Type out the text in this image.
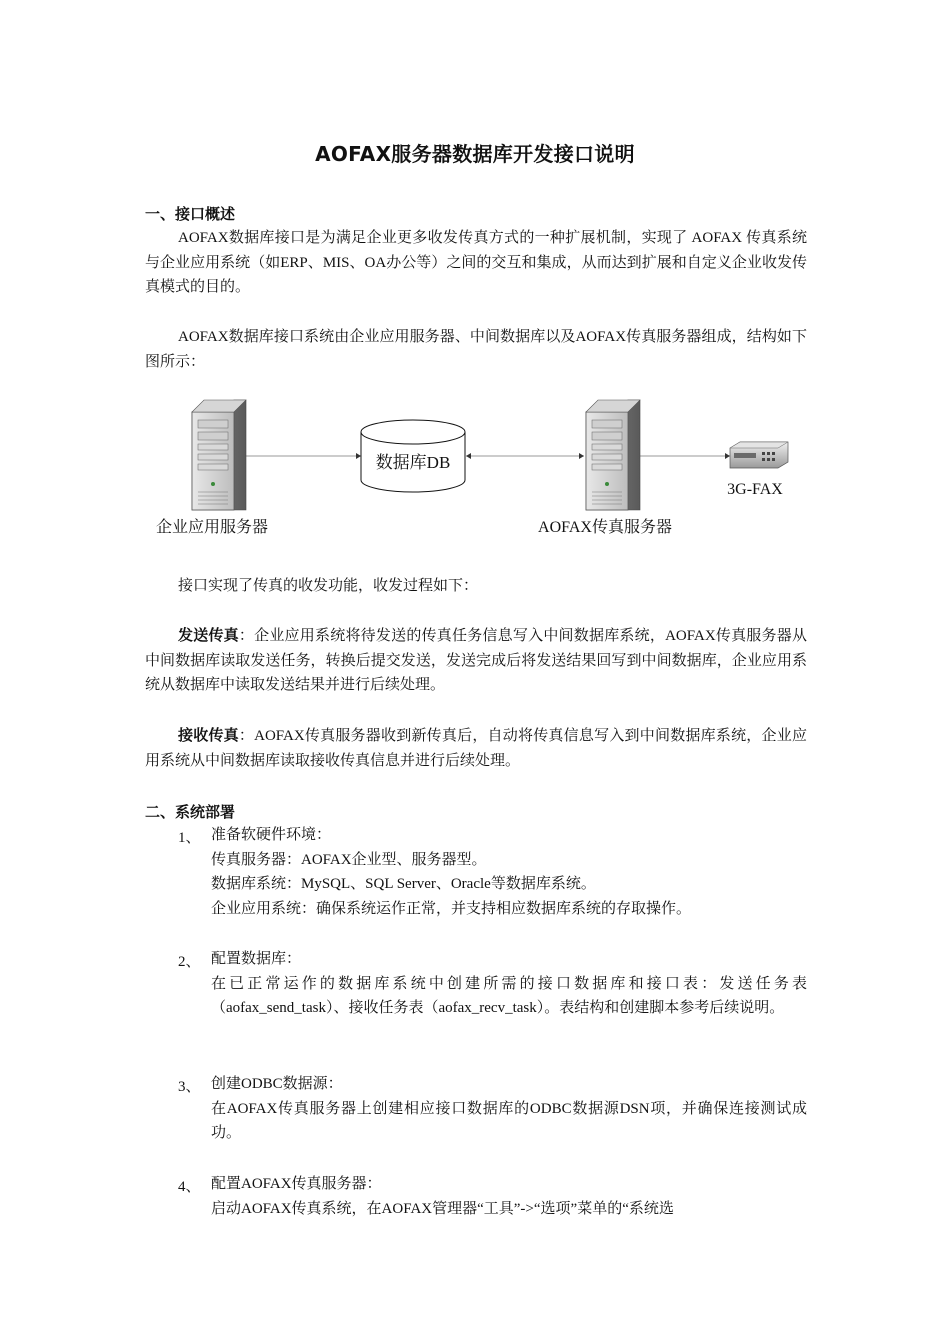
AOFAX服务器数据库开发接口说明
一、接口概述
AOFAX数据库接口是为满足企业更多收发传真方式的一种扩展机制，实现了 AOFAX 传真系统与企业应用系统（如ERP、MIS、OA办公等）之间的交互和集成，从而达到扩展和自定义企业收发传真模式的目的。
AOFAX数据库接口系统由企业应用服务器、中间数据库以及AOFAX传真服务器组成，结构如下图所示：
数据库DB
3G-FAX
企业应用服务器	AOFAX传真服务器
接口实现了传真的收发功能，收发过程如下：
发送传真：企业应用系统将待发送的传真任务信息写入中间数据库系统，AOFAX传真服务器从中间数据库读取发送任务，转换后提交发送，发送完成后将发送结果回写到中间数据库，企业应用系统从数据库中读取发送结果并进行后续处理。
接收传真：AOFAX传真服务器收到新传真后，自动将传真信息写入到中间数据库系统，企业应用系统从中间数据库读取接收传真信息并进行后续处理。
二、系统部署
1、 准备软硬件环境：
传真服务器：AOFAX企业型、服务器型。
数据库系统：MySQL、SQL Server、Oracle等数据库系统。
企业应用系统：确保系统运作正常，并支持相应数据库系统的存取操作。
2、 配置数据库：
在已正常运作的数据库系统中创建所需的接口数据库和接口表：发送任务表（aofax_send_task）、接收任务表（aofax_recv_task）。表结构和创建脚本参考后续说明。
3、 创建ODBC数据源：
在AOFAX传真服务器上创建相应接口数据库的ODBC数据源DSN项，并确保连接测试成功。
4、 配置AOFAX传真服务器：
启动AOFAX传真系统，在AOFAX管理器“工具”->“选项”菜单的“系统选
